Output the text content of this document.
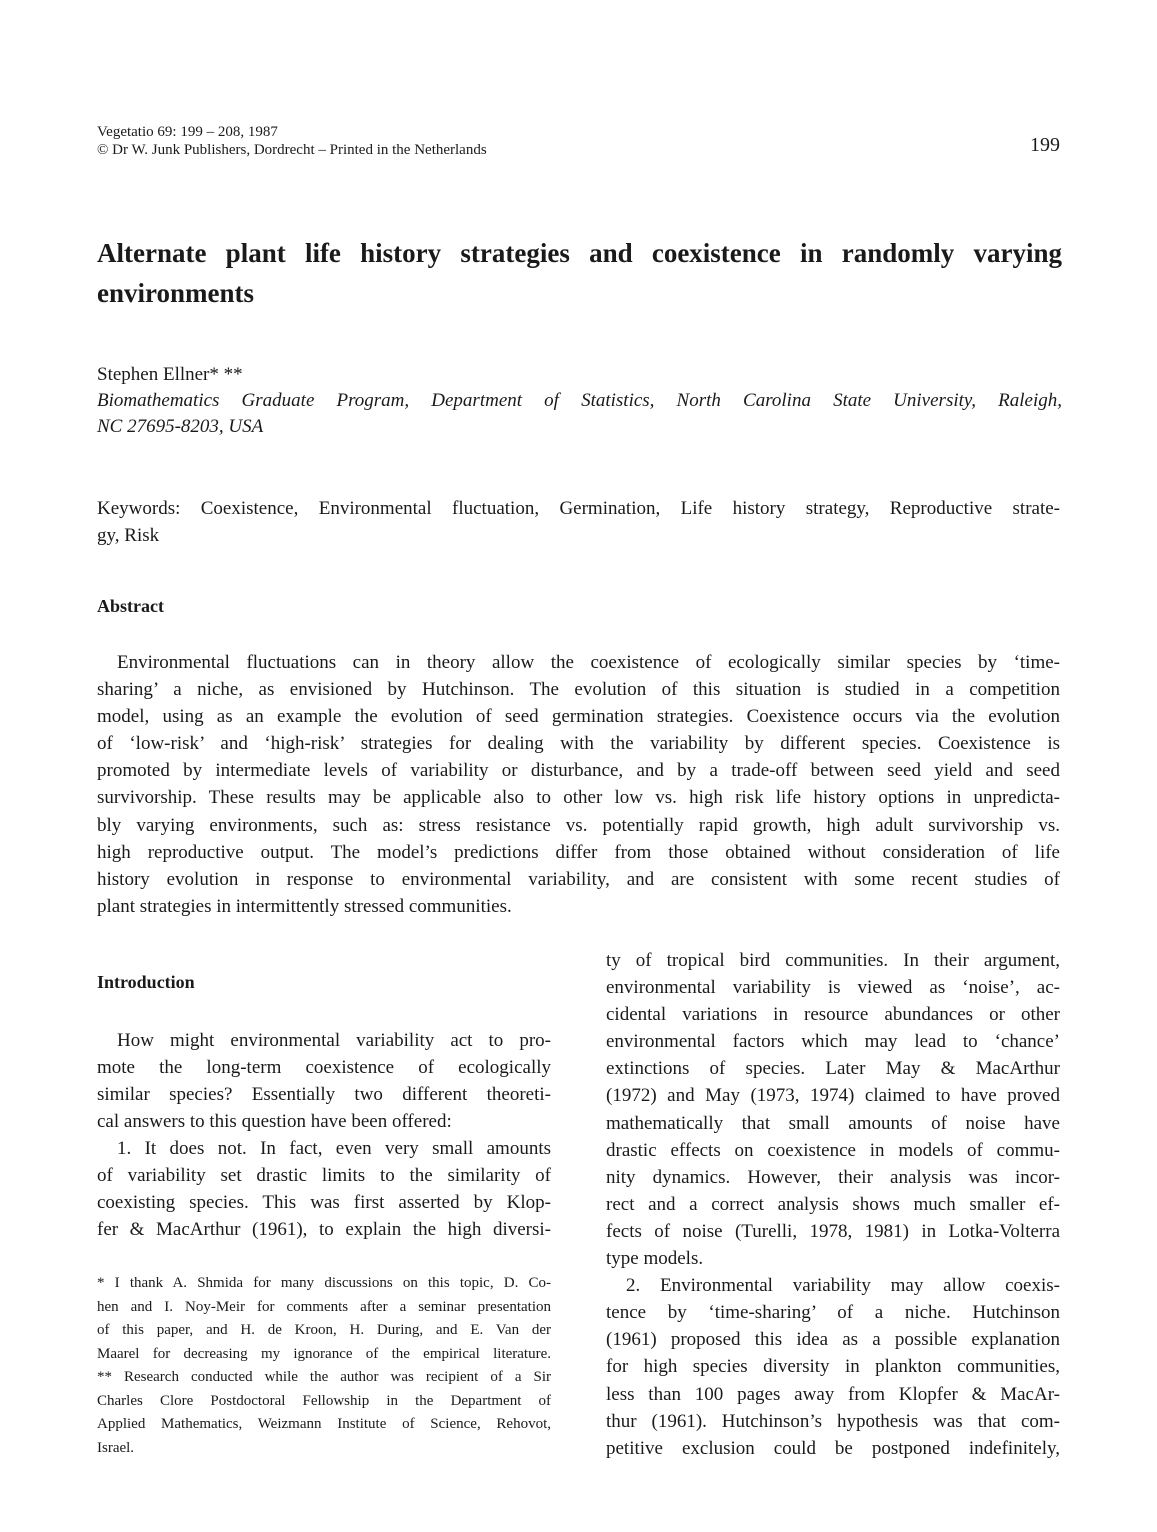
Vegetatio 69: 199 – 208, 1987
© Dr W. Junk Publishers, Dordrecht – Printed in the Netherlands	199
Alternate plant life history strategies and coexistence in randomly varying
environments
Stephen Ellner* **
Biomathematics Graduate Program, Department of Statistics, North Carolina State University, Raleigh,
NC 27695-8203, USA
Keywords: Coexistence, Environmental fluctuation, Germination, Life history strategy, Reproductive strate-
gy, Risk
Abstract
Environmental fluctuations can in theory allow the coexistence of ecologically similar species by ‘time-
sharing’ a niche, as envisioned by Hutchinson. The evolution of this situation is studied in a competition
model, using as an example the evolution of seed germination strategies. Coexistence occurs via the evolution
of ‘low-risk’ and ‘high-risk’ strategies for dealing with the variability by different species. Coexistence is
promoted by intermediate levels of variability or disturbance, and by a trade-off between seed yield and seed
survivorship. These results may be applicable also to other low vs. high risk life history options in unpredicta-
bly varying environments, such as: stress resistance vs. potentially rapid growth, high adult survivorship vs.
high reproductive output. The model’s predictions differ from those obtained without consideration of life
history evolution in response to environmental variability, and are consistent with some recent studies of
plant strategies in intermittently stressed communities.
Introduction
How might environmental variability act to pro-
mote the long-term coexistence of ecologically
similar species? Essentially two different theoreti-
cal answers to this question have been offered:
1. It does not. In fact, even very small amounts
of variability set drastic limits to the similarity of
coexisting species. This was first asserted by Klop-
fer & MacArthur (1961), to explain the high diversi-
* I thank A. Shmida for many discussions on this topic, D. Co-
hen and I. Noy-Meir for comments after a seminar presentation
of this paper, and H. de Kroon, H. During, and E. Van der
Maarel for decreasing my ignorance of the empirical literature.
** Research conducted while the author was recipient of a Sir
Charles Clore Postdoctoral Fellowship in the Department of
Applied Mathematics, Weizmann Institute of Science, Rehovot,
Israel.
ty of tropical bird communities. In their argument,
environmental variability is viewed as ‘noise’, ac-
cidental variations in resource abundances or other
environmental factors which may lead to ‘chance’
extinctions of species. Later May & MacArthur
(1972) and May (1973, 1974) claimed to have proved
mathematically that small amounts of noise have
drastic effects on coexistence in models of commu-
nity dynamics. However, their analysis was incor-
rect and a correct analysis shows much smaller ef-
fects of noise (Turelli, 1978, 1981) in Lotka-Volterra
type models.
2. Environmental variability may allow coexis-
tence by ‘time-sharing’ of a niche. Hutchinson
(1961) proposed this idea as a possible explanation
for high species diversity in plankton communities,
less than 100 pages away from Klopfer & MacAr-
thur (1961). Hutchinson’s hypothesis was that com-
petitive exclusion could be postponed indefinitely,
